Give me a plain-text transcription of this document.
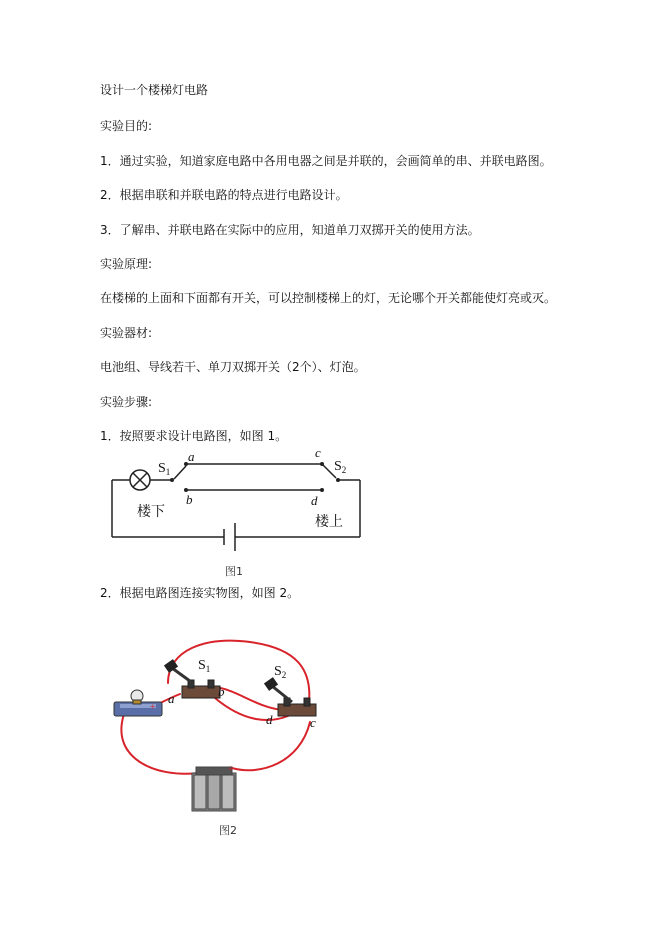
设计一个楼梯灯电路
实验目的:
1．通过实验，知道家庭电路中各用电器之间是并联的，会画简单的串、并联电路图。
2．根据串联和并联电路的特点进行电路设计。
3．了解串、并联电路在实际中的应用，知道单刀双掷开关的使用方法。
实验原理:
在楼梯的上面和下面都有开关，可以控制楼梯上的灯，无论哪个开关都能使灯亮或灭。
实验器材:
电池组、导线若干、单刀双掷开关（2个）、灯泡。
实验步骤:
1．按照要求设计电路图，如图 1。
$S_1$
a
b
c
d
$S_2$
楼下
楼上
图1
2．根据电路图连接实物图，如图 2。
$S_1$	$S_2$
a	b
d	c
+
+
图2
